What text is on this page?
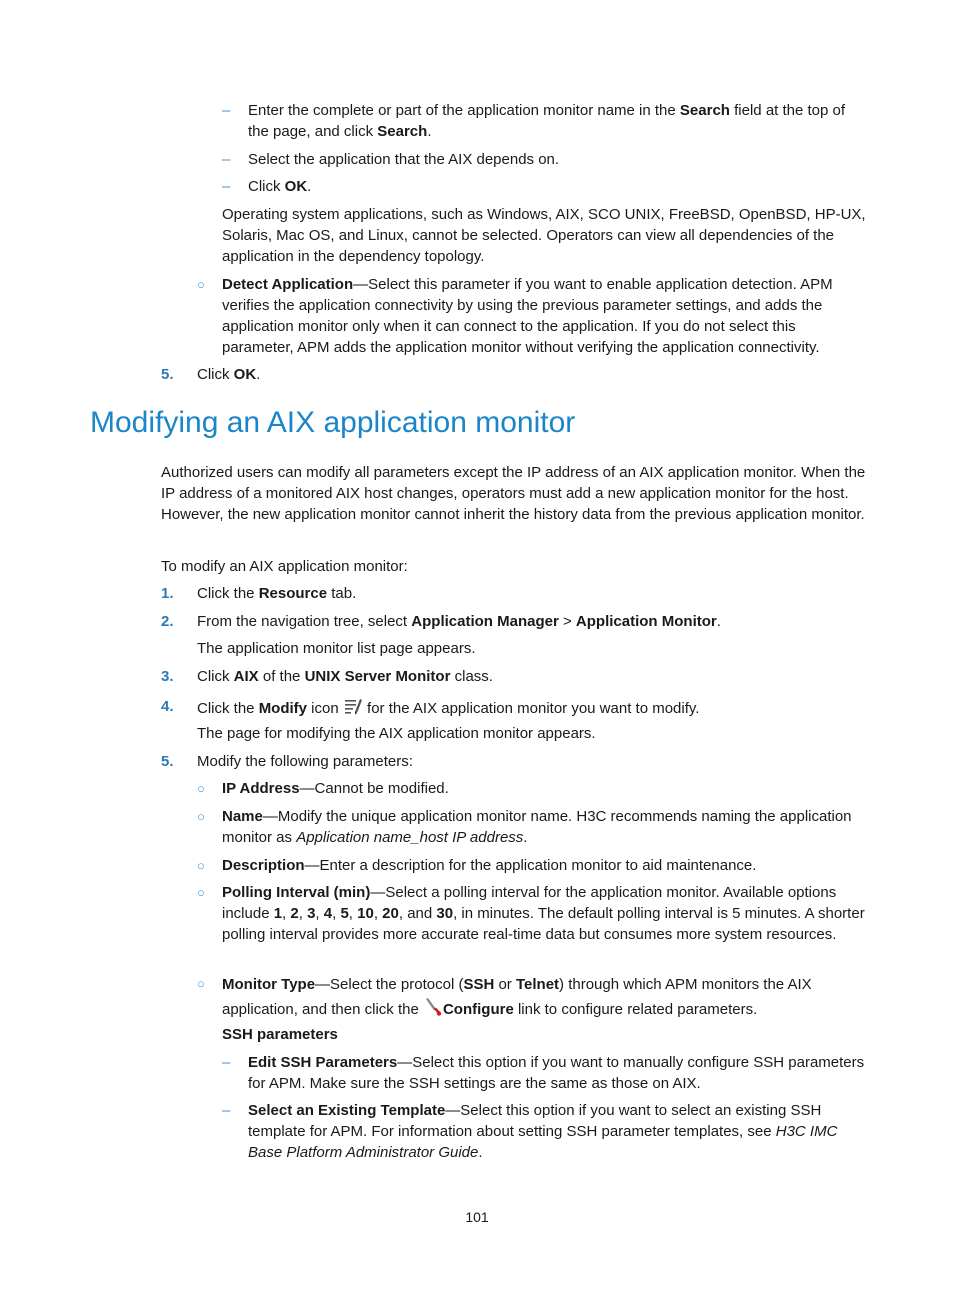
– Enter the complete or part of the application monitor name in the Search field at the top of the page, and click Search.

– Select the application that the AIX depends on.

– Click OK.

Operating system applications, such as Windows, AIX, SCO UNIX, FreeBSD, OpenBSD, HP-UX, Solaris, Mac OS, and Linux, cannot be selected. Operators can view all dependencies of the application in the dependency topology.

○ Detect Application—Select this parameter if you want to enable application detection. APM verifies the application connectivity by using the previous parameter settings, and adds the application monitor only when it can connect to the application. If you do not select this parameter, APM adds the application monitor without verifying the application connectivity.

5. Click OK.

Modifying an AIX application monitor

Authorized users can modify all parameters except the IP address of an AIX application monitor. When the IP address of a monitored AIX host changes, operators must add a new application monitor for the host. However, the new application monitor cannot inherit the history data from the previous application monitor.

To modify an AIX application monitor:

1. Click the Resource tab.

2. From the navigation tree, select Application Manager > Application Monitor.

The application monitor list page appears.

3. Click AIX of the UNIX Server Monitor class.

4. Click the Modify icon  for the AIX application monitor you want to modify.

The page for modifying the AIX application monitor appears.

5. Modify the following parameters:

○ IP Address—Cannot be modified.

○ Name—Modify the unique application monitor name. H3C recommends naming the application monitor as Application name_host IP address.

○ Description—Enter a description for the application monitor to aid maintenance.

○ Polling Interval (min)—Select a polling interval for the application monitor. Available options include 1, 2, 3, 4, 5, 10, 20, and 30, in minutes. The default polling interval is 5 minutes. A shorter polling interval provides more accurate real-time data but consumes more system resources.

○ Monitor Type—Select the protocol (SSH or Telnet) through which APM monitors the AIX application, and then click the Configure link to configure related parameters.

SSH parameters

– Edit SSH Parameters—Select this option if you want to manually configure SSH parameters for APM. Make sure the SSH settings are the same as those on AIX.

– Select an Existing Template—Select this option if you want to select an existing SSH template for APM. For information about setting SSH parameter templates, see H3C IMC Base Platform Administrator Guide.

101
